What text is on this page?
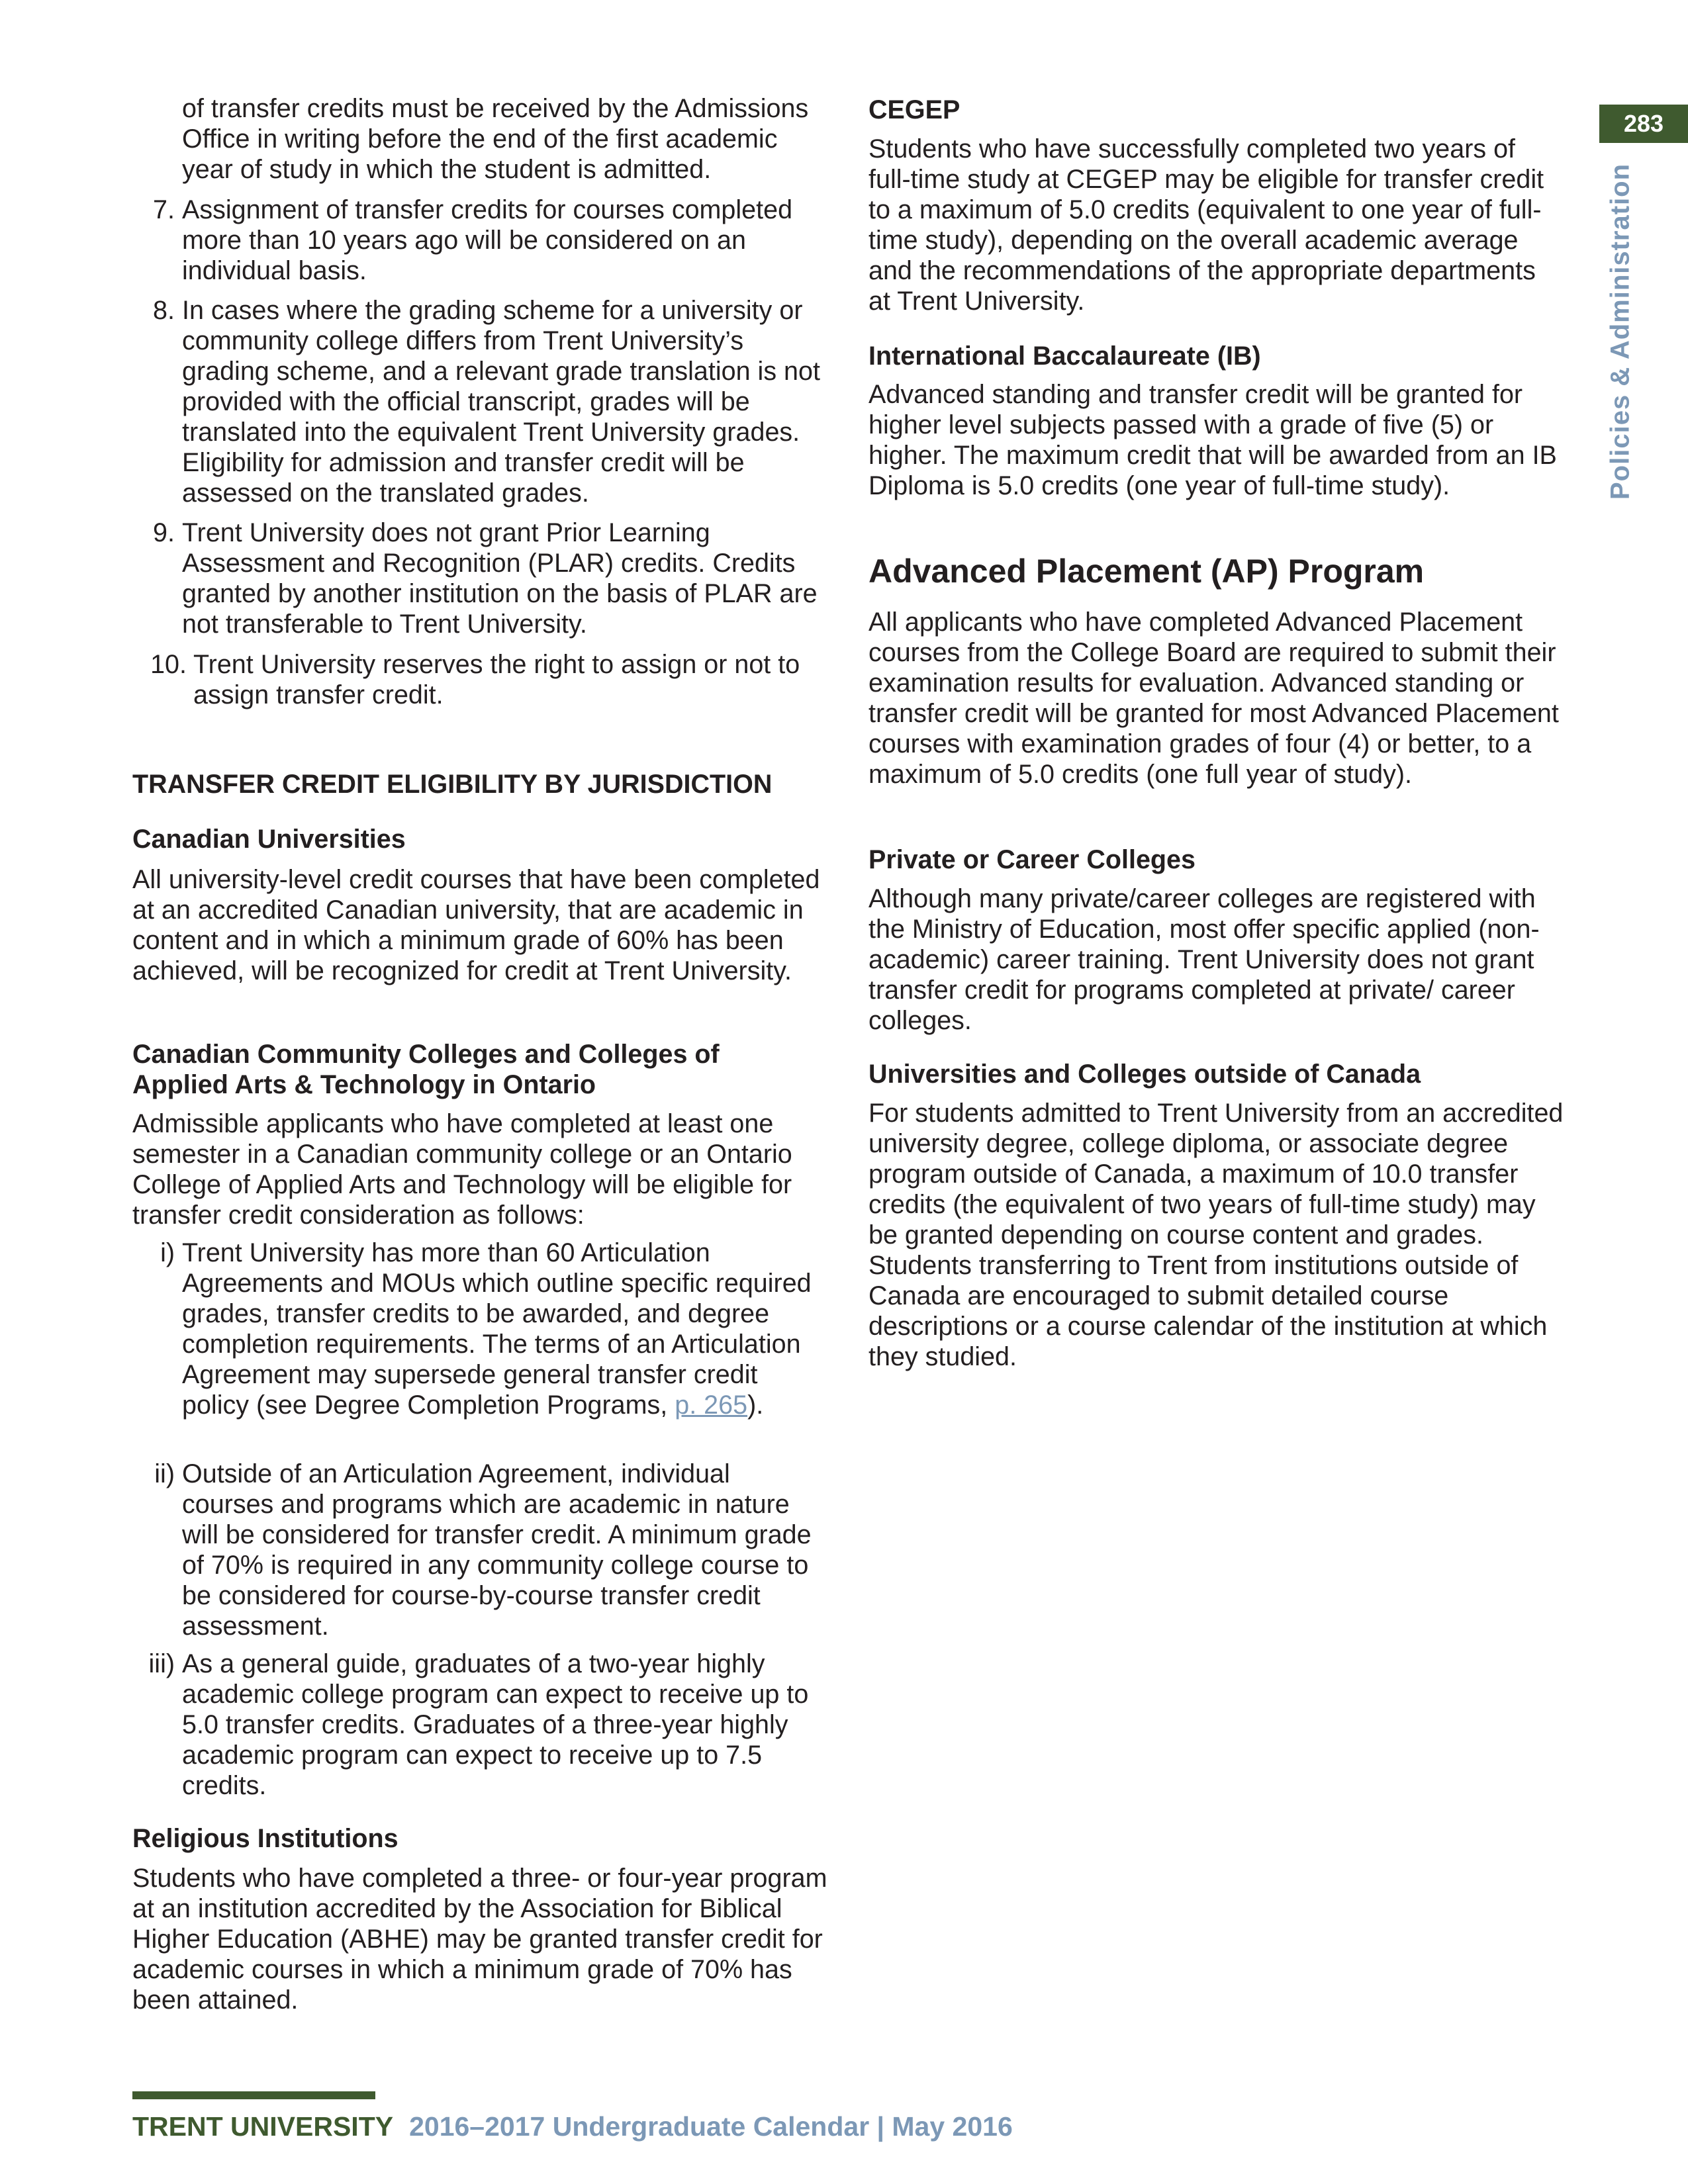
283
Policies & Administration

of transfer credits must be received by the Admissions Office in writing before the end of the first academic year of study in which the student is admitted.

7. Assignment of transfer credits for courses completed more than 10 years ago will be considered on an individual basis.

8. In cases where the grading scheme for a university or community college differs from Trent University’s grading scheme, and a relevant grade translation is not provided with the official transcript, grades will be translated into the equivalent Trent University grades. Eligibility for admission and transfer credit will be assessed on the translated grades.

9. Trent University does not grant Prior Learning Assessment and Recognition (PLAR) credits. Credits granted by another institution on the basis of PLAR are not transferable to Trent University.

10. Trent University reserves the right to assign or not to assign transfer credit.

TRANSFER CREDIT ELIGIBILITY BY JURISDICTION

Canadian Universities

All university-level credit courses that have been completed at an accredited Canadian university, that are academic in content and in which a minimum grade of 60% has been achieved, will be recognized for credit at Trent University.

Canadian Community Colleges and Colleges of Applied Arts & Technology in Ontario

Admissible applicants who have completed at least one semester in a Canadian community college or an Ontario College of Applied Arts and Technology will be eligible for transfer credit consideration as follows:

i) Trent University has more than 60 Articulation Agreements and MOUs which outline specific required grades, transfer credits to be awarded, and degree completion requirements. The terms of an Articulation Agreement may supersede general transfer credit policy (see Degree Completion Programs, p. 265).

ii) Outside of an Articulation Agreement, individual courses and programs which are academic in nature will be considered for transfer credit. A minimum grade of 70% is required in any community college course to be considered for course-by-course transfer credit assessment.

iii) As a general guide, graduates of a two-year highly academic college program can expect to receive up to 5.0 transfer credits. Graduates of a three-year highly academic program can expect to receive up to 7.5 credits.

Religious Institutions

Students who have completed a three- or four-year program at an institution accredited by the Association for Biblical Higher Education (ABHE) may be granted transfer credit for academic courses in which a minimum grade of 70% has been attained.

CEGEP

Students who have successfully completed two years of full-time study at CEGEP may be eligible for transfer credit to a maximum of 5.0 credits (equivalent to one year of full-time study), depending on the overall academic average and the recommendations of the appropriate departments at Trent University.

International Baccalaureate (IB)

Advanced standing and transfer credit will be granted for higher level subjects passed with a grade of five (5) or higher. The maximum credit that will be awarded from an IB Diploma is 5.0 credits (one year of full-time study).

Advanced Placement (AP) Program

All applicants who have completed Advanced Placement courses from the College Board are required to submit their examination results for evaluation. Advanced standing or transfer credit will be granted for most Advanced Placement courses with examination grades of four (4) or better, to a maximum of 5.0 credits (one full year of study).

Private or Career Colleges

Although many private/career colleges are registered with the Ministry of Education, most offer specific applied (non-academic) career training. Trent University does not grant transfer credit for programs completed at private/ career colleges.

Universities and Colleges outside of Canada

For students admitted to Trent University from an accredited university degree, college diploma, or associate degree program outside of Canada, a maximum of 10.0 transfer credits (the equivalent of two years of full-time study) may be granted depending on course content and grades. Students transferring to Trent from institutions outside of Canada are encouraged to submit detailed course descriptions or a course calendar of the institution at which they studied.

TRENT UNIVERSITY 2016–2017 Undergraduate Calendar | May 2016
